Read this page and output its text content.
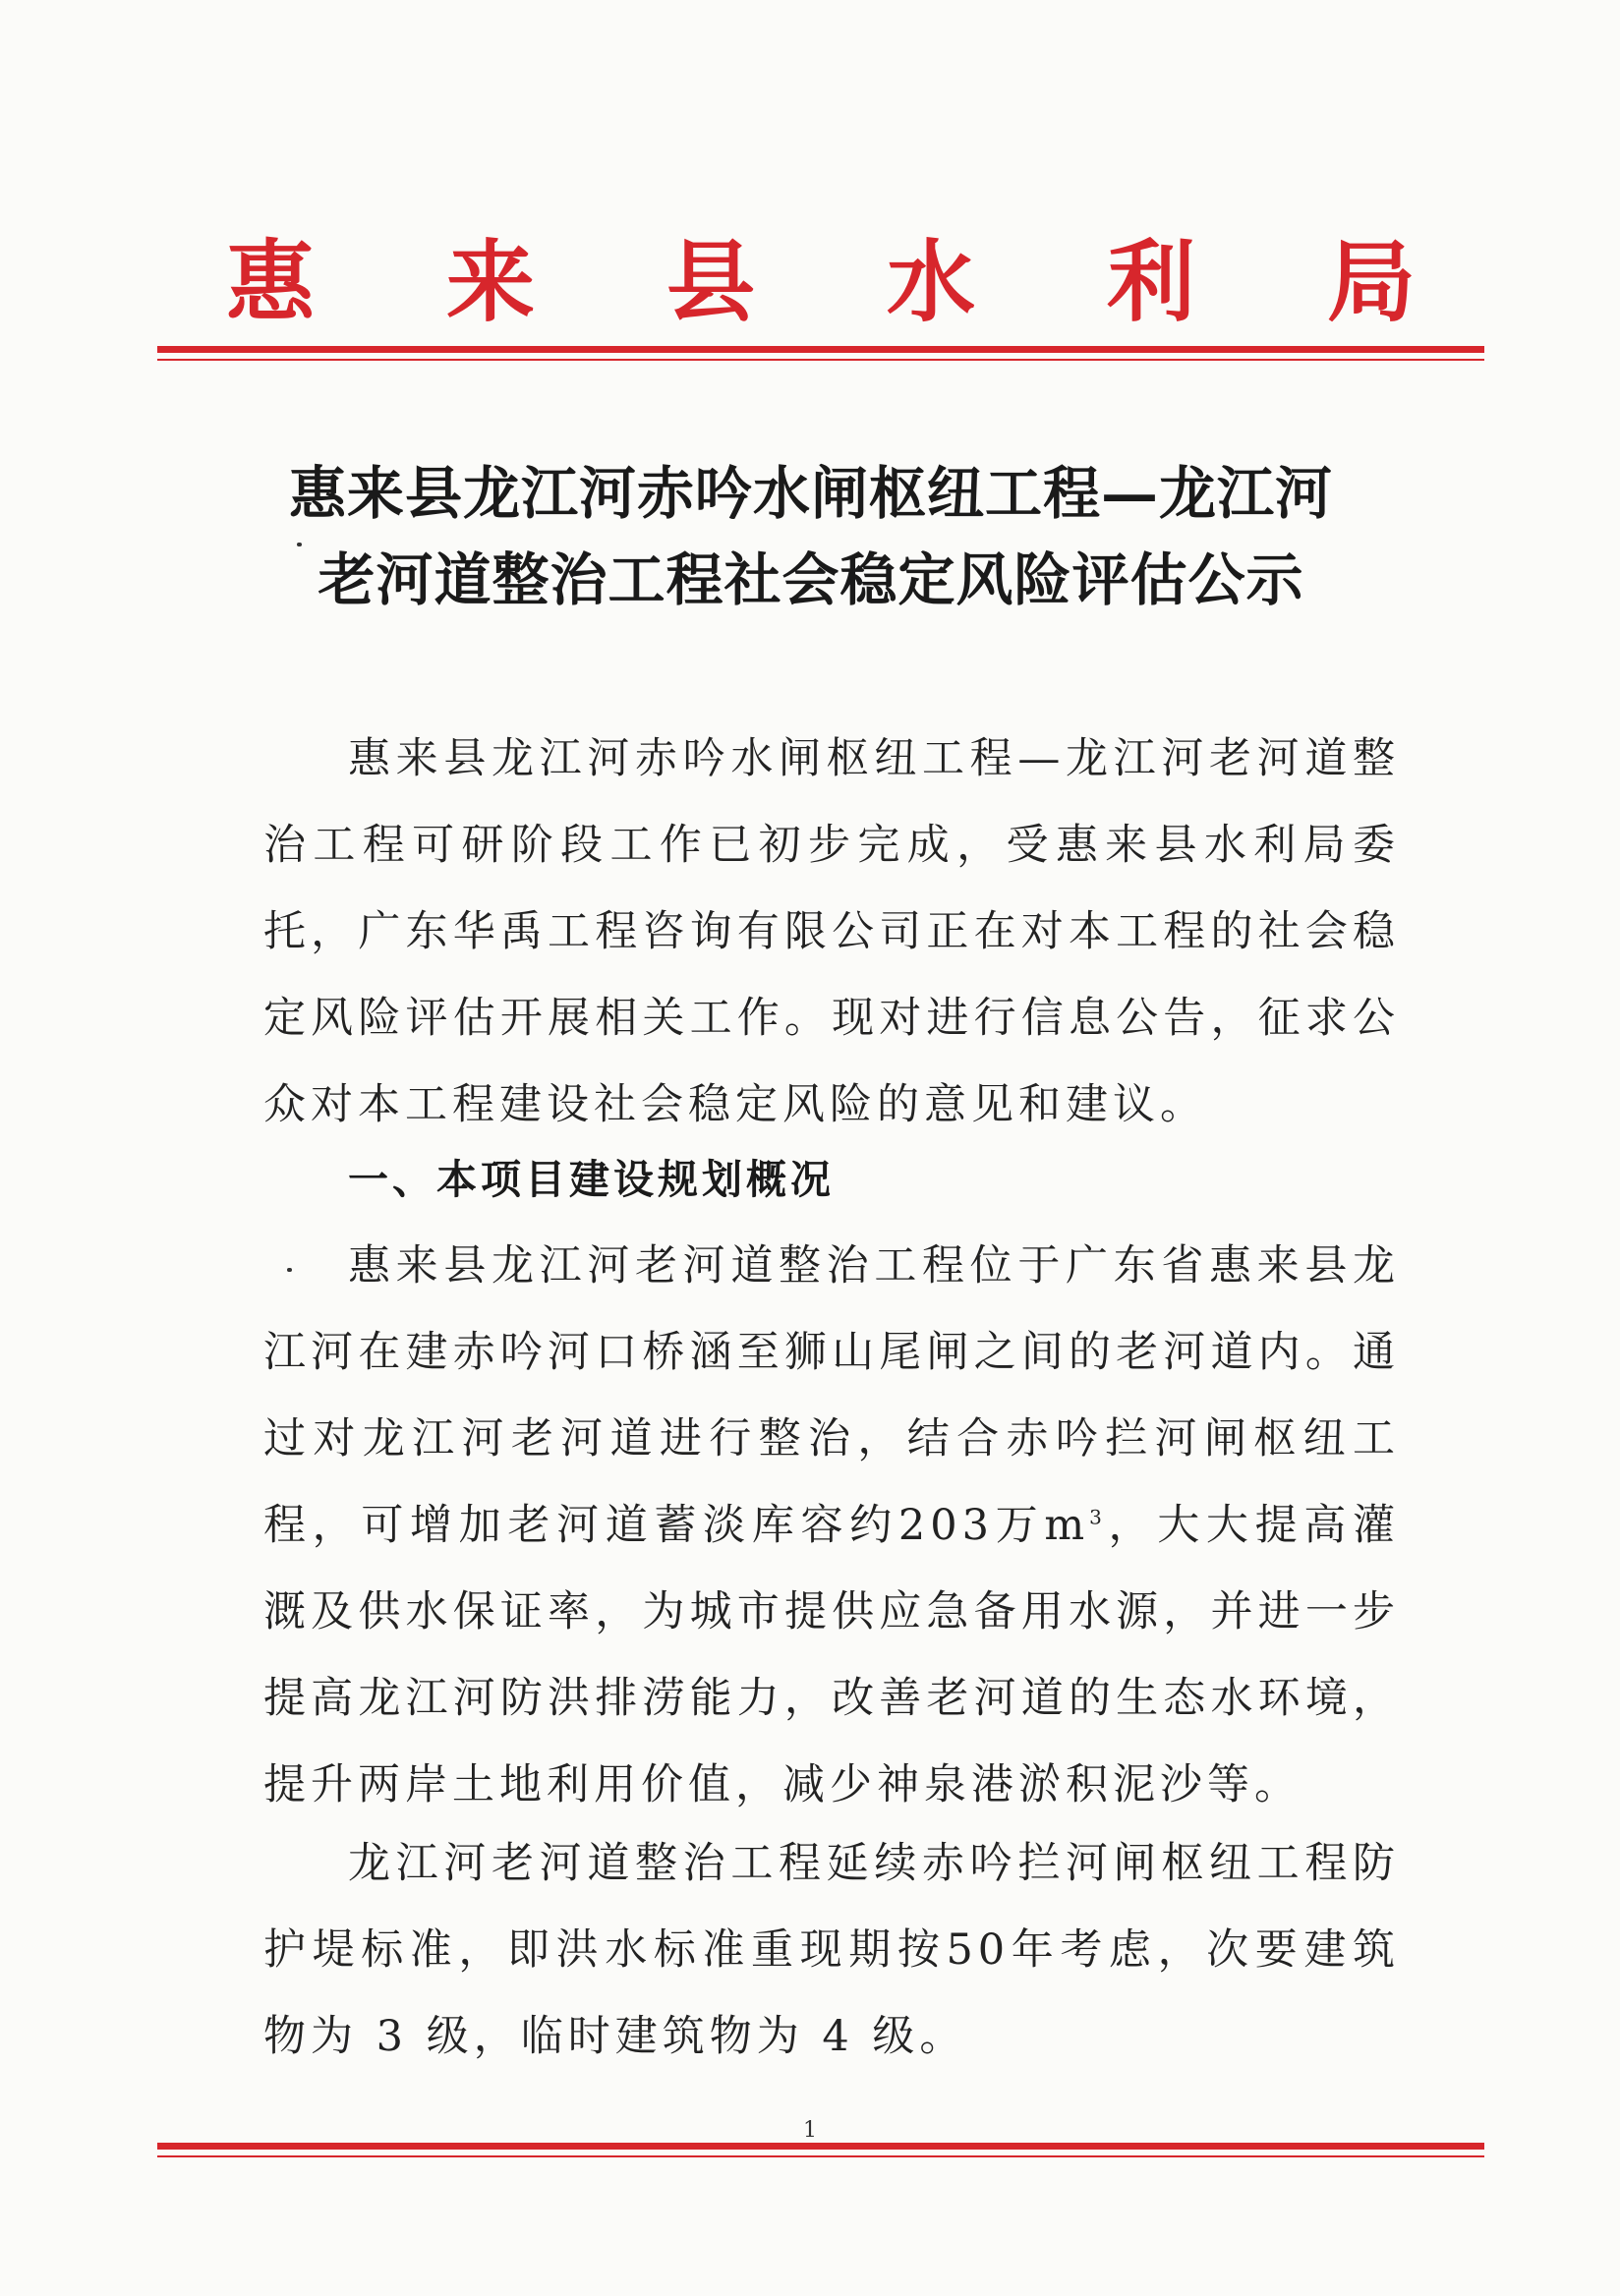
惠 来 县 水 利 局
惠来县龙江河赤吟水闸枢纽工程—龙江河
老河道整治工程社会稳定风险评估公示

惠来县龙江河赤吟水闸枢纽工程—龙江河老河道整治工程可研阶段工作已初步完成，受惠来县水利局委托，广东华禹工程咨询有限公司正在对本工程的社会稳定风险评估开展相关工作。现对进行信息公告，征求公众对本工程建设社会稳定风险的意见和建议。

一、本项目建设规划概况

惠来县龙江河老河道整治工程位于广东省惠来县龙江河在建赤吟河口桥涵至狮山尾闸之间的老河道内。通过对龙江河老河道进行整治，结合赤吟拦河闸枢纽工程，可增加老河道蓄淡库容约203万$m^3$，大大提高灌溉及供水保证率，为城市提供应急备用水源，并进一步提高龙江河防洪排涝能力，改善老河道的生态水环境，提升两岸土地利用价值，减少神泉港淤积泥沙等。

龙江河老河道整治工程延续赤吟拦河闸枢纽工程防护堤标准，即洪水标准重现期按50年考虑，次要建筑物为 3 级，临时建筑物为 4 级。

1
